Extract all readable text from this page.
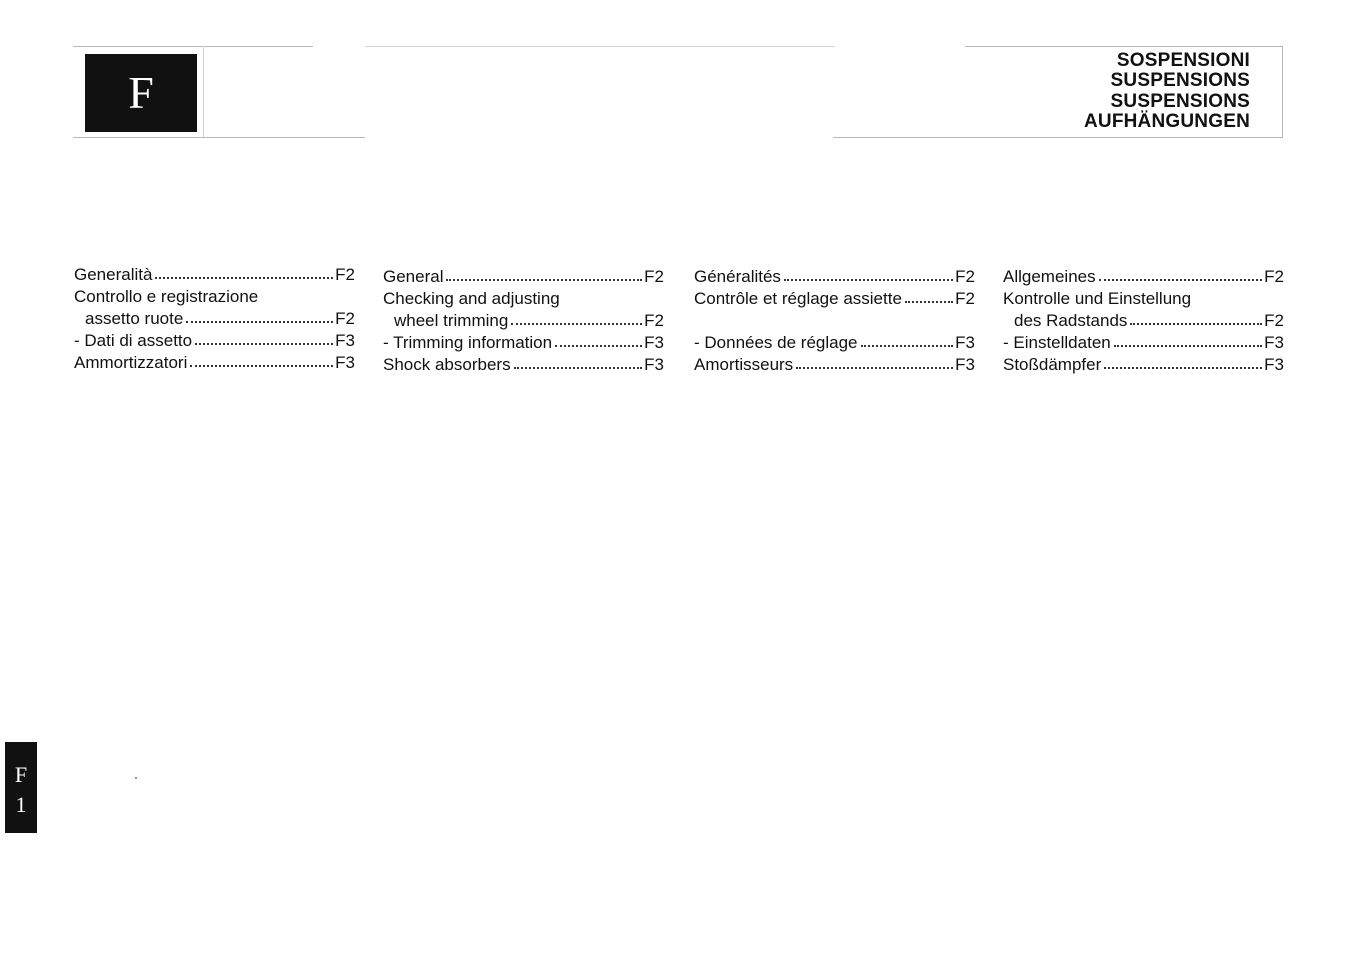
F
SOSPENSIONI
SUSPENSIONS
SUSPENSIONS
AUFHÄNGUNGEN
Generalità	F2
Controllo e registrazione
assetto ruote	F2
- Dati di assetto	F3
Ammortizzatori	F3
General	F2
Checking and adjusting
wheel trimming	F2
- Trimming information	F3
Shock absorbers	F3
Généralités	F2
Contrôle et réglage assiette	F2
- Données de réglage	F3
Amortisseurs	F3
Allgemeines	F2
Kontrolle und Einstellung
des Radstands	F2
- Einstelldaten	F3
Stoßdämpfer	F3
F
1
